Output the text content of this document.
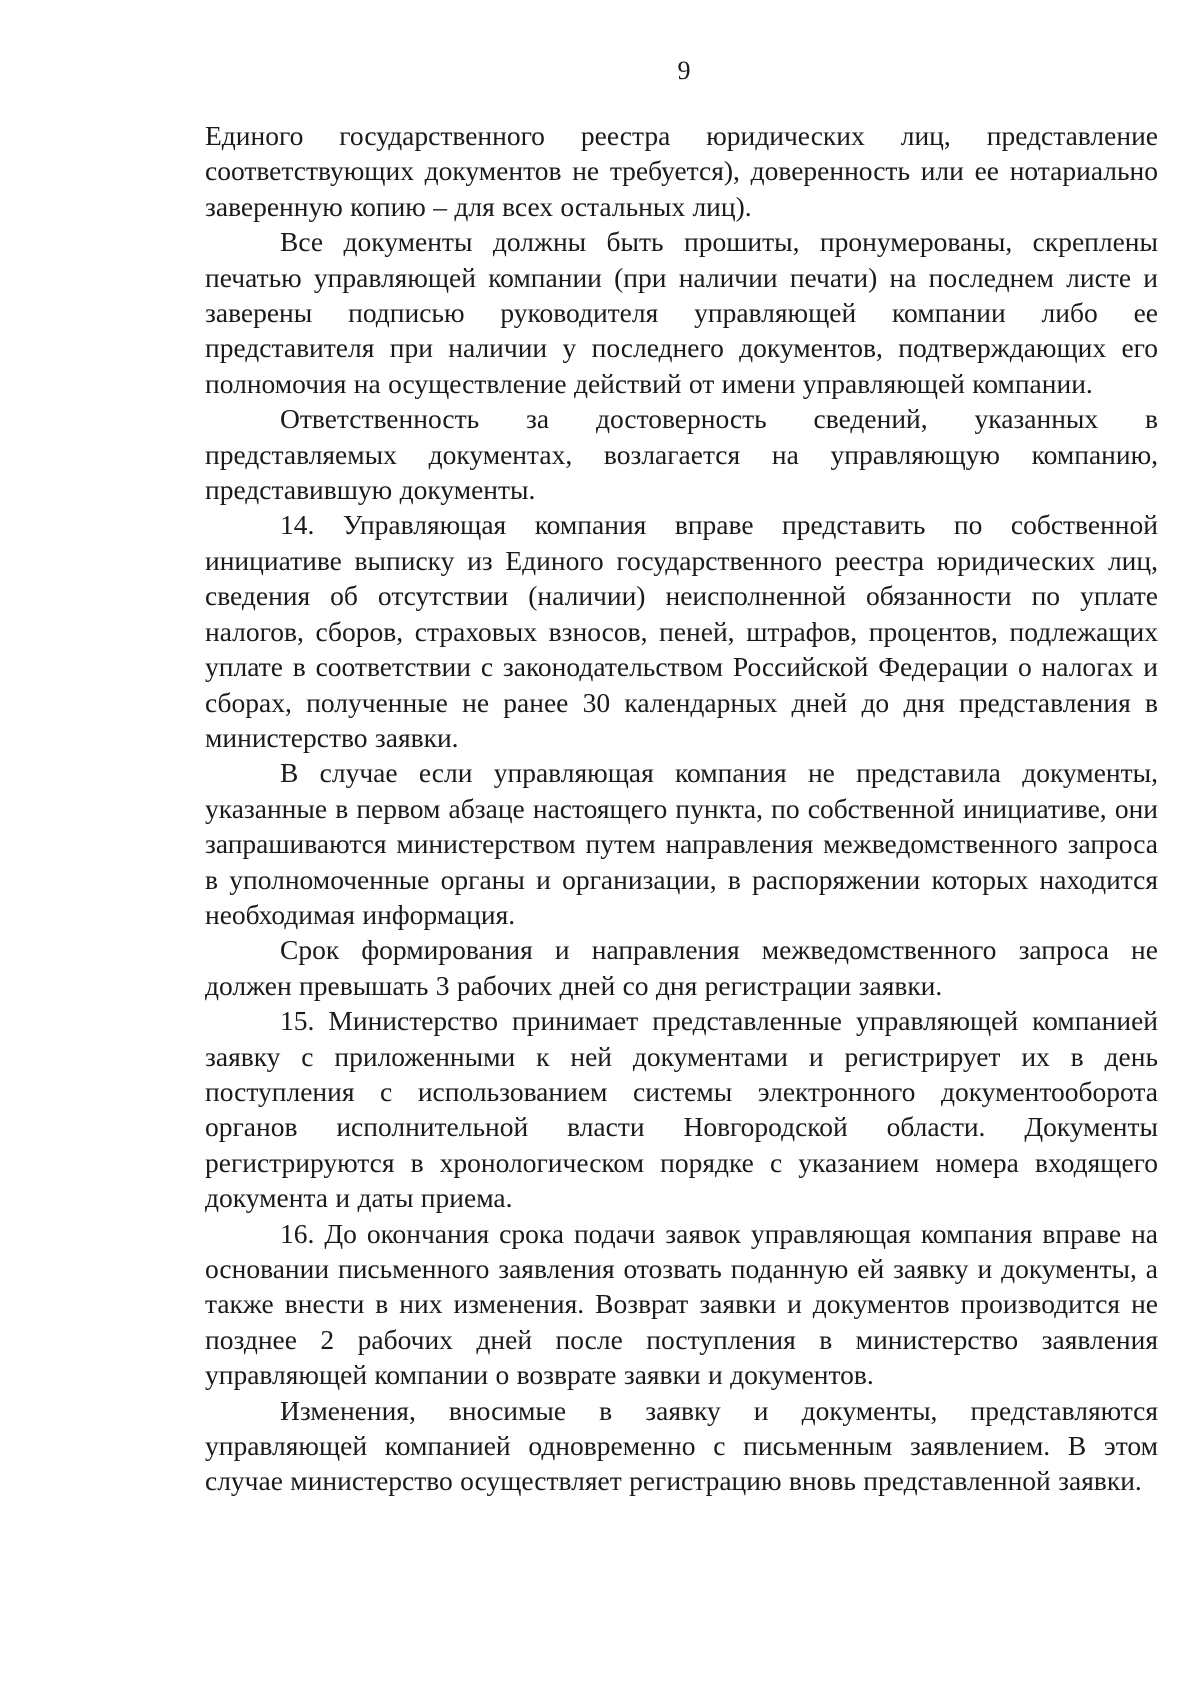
9

Единого государственного реестра юридических лиц, представление соответствующих документов не требуется), доверенность или ее нотариально заверенную копию – для всех остальных лиц).

Все документы должны быть прошиты, пронумерованы, скреплены печатью управляющей компании (при наличии печати) на последнем листе и заверены подписью руководителя управляющей компании либо ее представителя при наличии у последнего документов, подтверждающих его полномочия на осуществление действий от имени управляющей компании.

Ответственность за достоверность сведений, указанных в представляемых документах, возлагается на управляющую компанию, представившую документы.

14. Управляющая компания вправе представить по собственной инициативе выписку из Единого государственного реестра юридических лиц, сведения об отсутствии (наличии) неисполненной обязанности по уплате налогов, сборов, страховых взносов, пеней, штрафов, процентов, подлежащих уплате в соответствии с законодательством Российской Федерации о налогах и сборах, полученные не ранее 30 календарных дней до дня представления в министерство заявки.

В случае если управляющая компания не представила документы, указанные в первом абзаце настоящего пункта, по собственной инициативе, они запрашиваются министерством путем направления межведомственного запроса в уполномоченные органы и организации, в распоряжении которых находится необходимая информация.

Срок формирования и направления межведомственного запроса не должен превышать 3 рабочих дней со дня регистрации заявки.

15. Министерство принимает представленные управляющей компанией заявку с приложенными к ней документами и регистрирует их в день поступления с использованием системы электронного документооборота органов исполнительной власти Новгородской области. Документы регистрируются в хронологическом порядке с указанием номера входящего документа и даты приема.

16. До окончания срока подачи заявок управляющая компания вправе на основании письменного заявления отозвать поданную ей заявку и документы, а также внести в них изменения. Возврат заявки и документов производится не позднее 2 рабочих дней после поступления в министерство заявления управляющей компании о возврате заявки и документов.

Изменения, вносимые в заявку и документы, представляются управляющей компанией одновременно с письменным заявлением. В этом случае министерство осуществляет регистрацию вновь представленной заявки.
